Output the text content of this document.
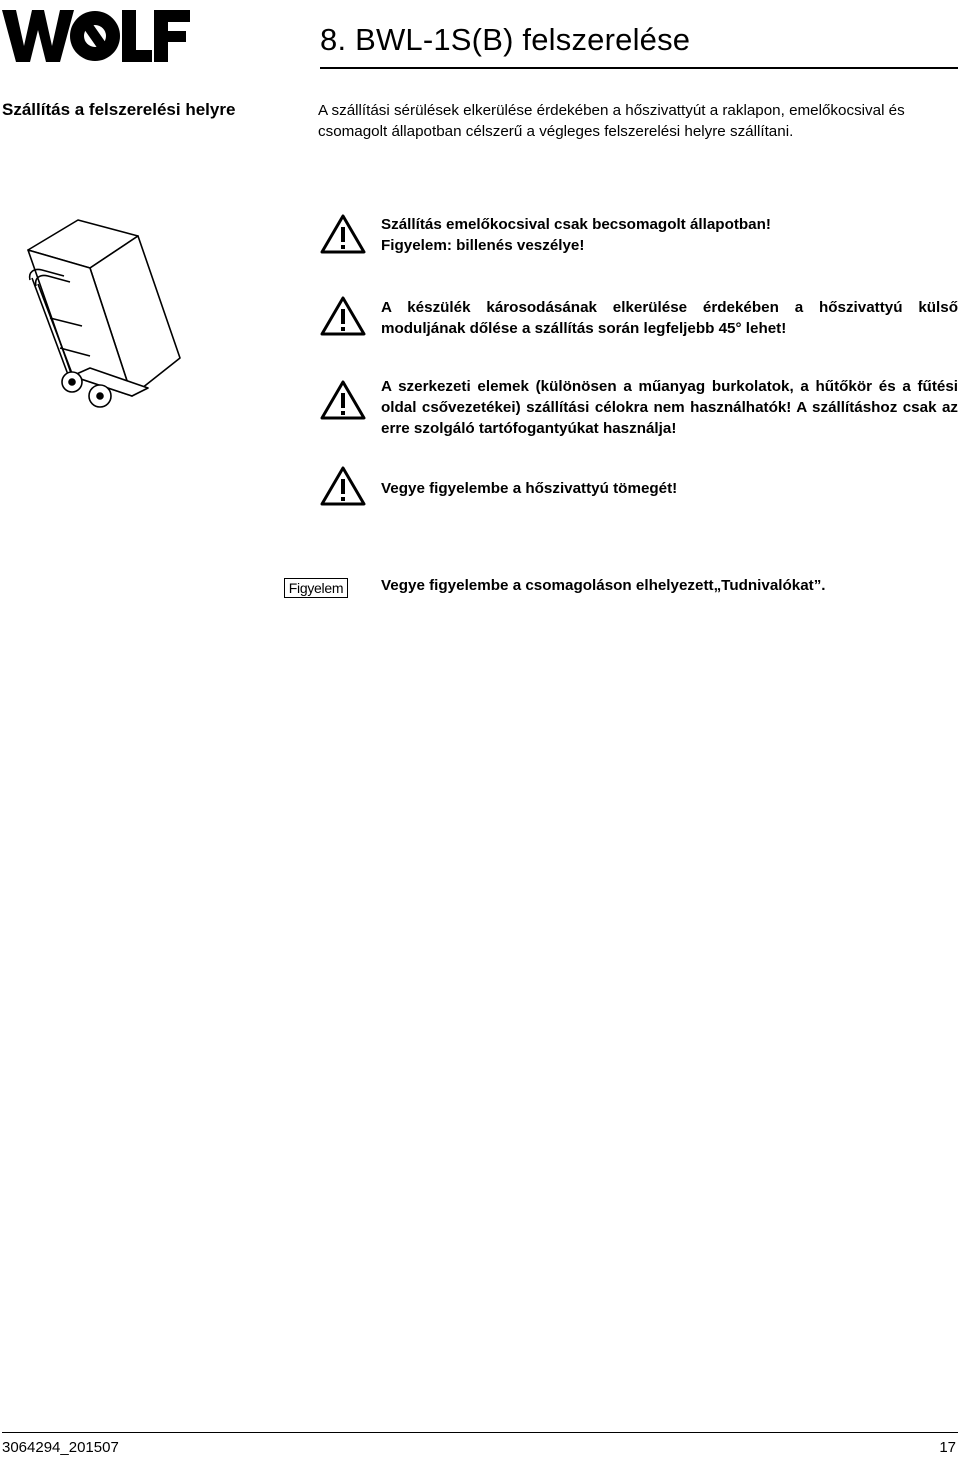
8. BWL-1S(B) felszerelése
Szállítás a felszerelési helyre	A szállítási sérülések elkerülése érdekében a hőszivattyút a raklapon, emelőkocsival és csomagolt állapotban célszerű a végleges felszerelési helyre szállítani.
Szállítás emelőkocsival csak becsomagolt állapotban!
Figyelem: billenés veszélye!
A készülék károsodásának elkerülése érdekében a hőszivattyú külső moduljának dőlése a szállítás során legfeljebb 45° lehet!
A szerkezeti elemek (különösen a műanyag burkolatok, a hűtőkör és a fűtési oldal csővezetékei) szállítási célokra nem használhatók! A szállításhoz csak az erre szolgáló tartófogantyúkat használja!
Vegye figyelembe a hőszivattyú tömegét!
Figyelem	Vegye figyelembe a csomagoláson elhelyezett„Tudnivalókat”.
3064294_201507	17
